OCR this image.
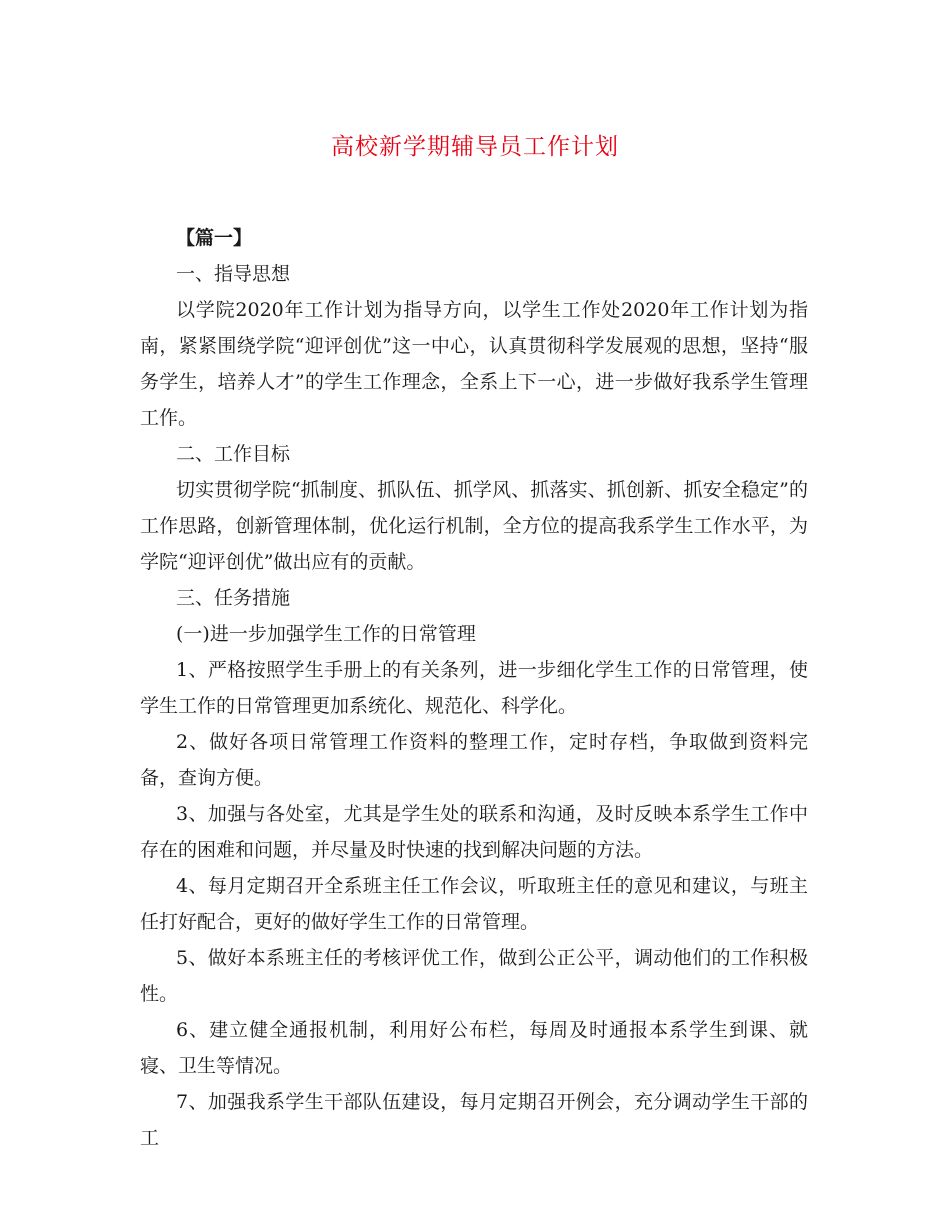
高校新学期辅导员工作计划

【篇一】

一、指导思想

以学院2020年工作计划为指导方向，以学生工作处2020年工作计划为指南，紧紧围绕学院“迎评创优”这一中心，认真贯彻科学发展观的思想，坚持“服务学生，培养人才”的学生工作理念，全系上下一心，进一步做好我系学生管理工作。

二、工作目标

切实贯彻学院“抓制度、抓队伍、抓学风、抓落实、抓创新、抓安全稳定”的工作思路，创新管理体制，优化运行机制，全方位的提高我系学生工作水平，为学院“迎评创优”做出应有的贡献。

三、任务措施

(一)进一步加强学生工作的日常管理

1、严格按照学生手册上的有关条列，进一步细化学生工作的日常管理，使学生工作的日常管理更加系统化、规范化、科学化。

2、做好各项日常管理工作资料的整理工作，定时存档，争取做到资料完备，查询方便。

3、加强与各处室，尤其是学生处的联系和沟通，及时反映本系学生工作中存在的困难和问题，并尽量及时快速的找到解决问题的方法。

4、每月定期召开全系班主任工作会议，听取班主任的意见和建议，与班主任打好配合，更好的做好学生工作的日常管理。

5、做好本系班主任的考核评优工作，做到公正公平，调动他们的工作积极性。

6、建立健全通报机制，利用好公布栏，每周及时通报本系学生到课、就寝、卫生等情况。

7、加强我系学生干部队伍建设，每月定期召开例会，充分调动学生干部的工
